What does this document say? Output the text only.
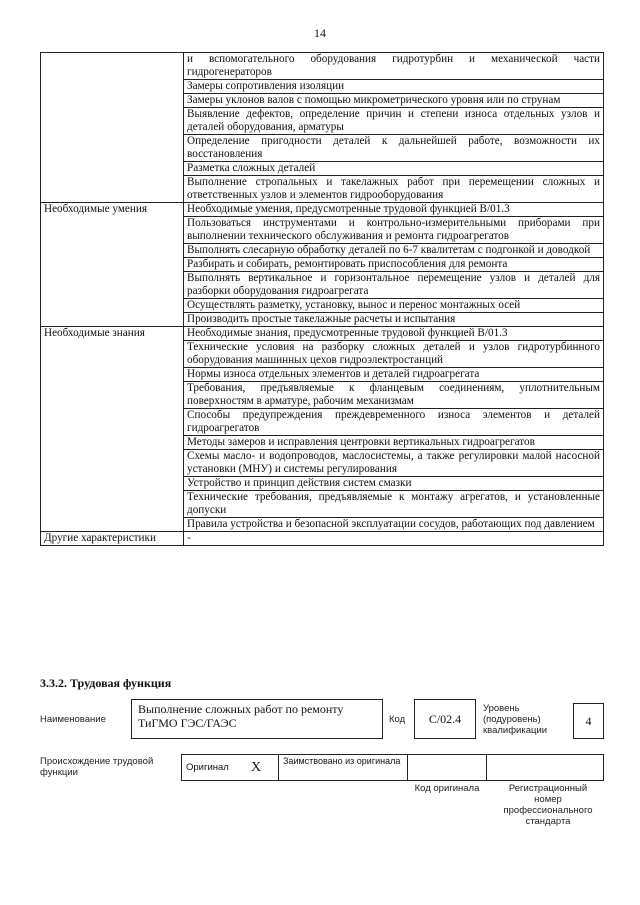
14
	и вспомогательного оборудования гидротурбин и механической части гидрогенераторов
	Замеры сопротивления изоляции
	Замеры уклонов валов с помощью микрометрического уровня или по струнам
	Выявление дефектов, определение причин и степени износа отдельных узлов и деталей оборудования, арматуры
	Определение пригодности деталей к дальнейшей работе, возможности их восстановления
	Разметка сложных деталей
	Выполнение стропальных и такелажных работ при перемещении сложных и ответственных узлов и элементов гидрооборудования
Необходимые умения	Необходимые умения, предусмотренные трудовой функцией В/01.3
	Пользоваться инструментами и контрольно-измерительными приборами при выполнении технического обслуживания и ремонта гидроагрегатов
	Выполнять слесарную обработку деталей по 6-7 квалитетам с подгонкой и доводкой
	Разбирать и собирать, ремонтировать приспособления для ремонта
	Выполнять вертикальное и горизонтальное перемещение узлов и деталей для разборки оборудования гидроагрегата
	Осуществлять разметку, установку, вынос и перенос монтажных осей
	Производить простые такелажные расчеты и испытания
Необходимые знания	Необходимые знания, предусмотренные трудовой функцией В/01.3
	Технические условия на разборку сложных деталей и узлов гидротурбинного оборудования машинных цехов гидроэлектростанций
	Нормы износа отдельных элементов и деталей гидроагрегата
	Требования, предъявляемые к фланцевым соединениям, уплотнительным поверхностям в арматуре, рабочим механизмам
	Способы предупреждения преждевременного износа элементов и деталей гидроагрегатов
	Методы замеров и исправления центровки вертикальных гидроагрегатов
	Схемы масло- и водопроводов, маслосистемы, а также регулировки малой насосной установки (МНУ) и системы регулирования
	Устройство и принцип действия систем смазки
	Технические требования, предъявляемые к монтажу агрегатов, и установленные допуски
	Правила устройства и безопасной эксплуатации сосудов, работающих под давлением
Другие характеристики	-
3.3.2. Трудовая функция
Наименование
Выполнение сложных работ по ремонту ТиГМО ГЭС/ГАЭС	Код	С/02.4
Уровень (подуровень) квалификации
4
Происхождение трудовой функции	Оригинал	X	Заимствовано из оригинала		
Код оригинала	Регистрационный номер профессионального стандарта
